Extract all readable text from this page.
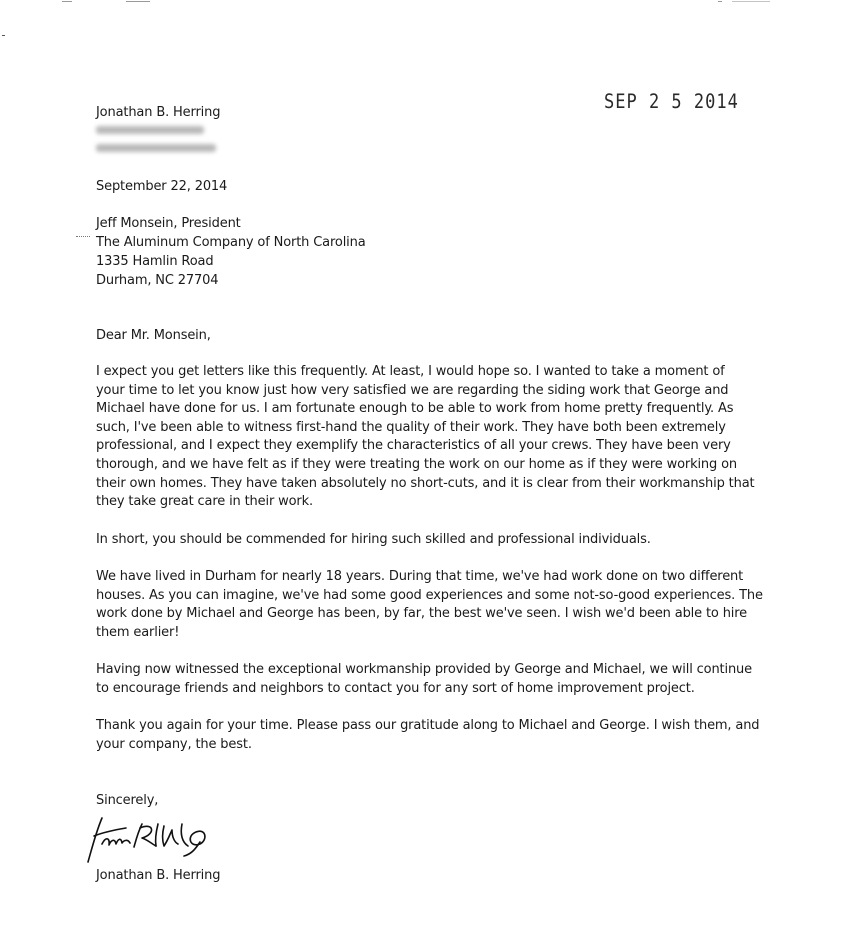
SEP 2 5 2014
Jonathan B. Herring
September 22, 2014
Jeff Monsein, President
The Aluminum Company of North Carolina
1335 Hamlin Road
Durham, NC 27704
Dear Mr. Monsein,
I expect you get letters like this frequently. At least, I would hope so. I wanted to take a moment of
your time to let you know just how very satisfied we are regarding the siding work that George and
Michael have done for us. I am fortunate enough to be able to work from home pretty frequently. As
such, I've been able to witness first-hand the quality of their work. They have both been extremely
professional, and I expect they exemplify the characteristics of all your crews. They have been very
thorough, and we have felt as if they were treating the work on our home as if they were working on
their own homes. They have taken absolutely no short-cuts, and it is clear from their workmanship that
they take great care in their work.
In short, you should be commended for hiring such skilled and professional individuals.
We have lived in Durham for nearly 18 years. During that time, we've had work done on two different
houses. As you can imagine, we've had some good experiences and some not-so-good experiences. The
work done by Michael and George has been, by far, the best we've seen. I wish we'd been able to hire
them earlier!
Having now witnessed the exceptional workmanship provided by George and Michael, we will continue
to encourage friends and neighbors to contact you for any sort of home improvement project.
Thank you again for your time. Please pass our gratitude along to Michael and George. I wish them, and
your company, the best.
Sincerely,
Jonathan B. Herring
